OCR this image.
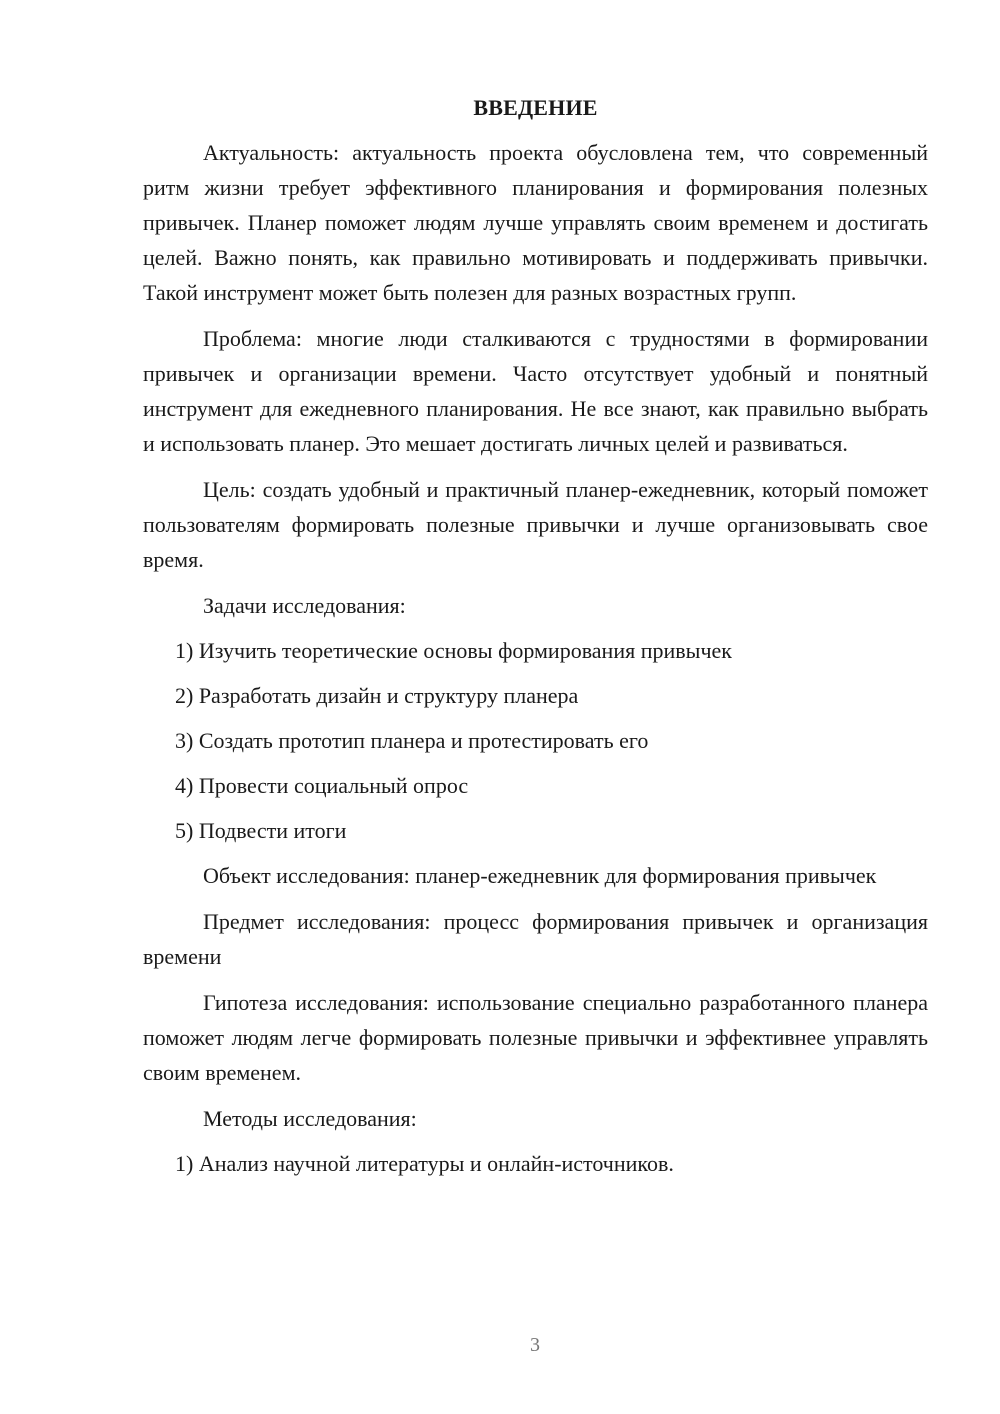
ВВЕДЕНИЕ
Актуальность: актуальность проекта обусловлена тем, что современный ритм жизни требует эффективного планирования и формирования полезных привычек. Планер поможет людям лучше управлять своим временем и достигать целей. Важно понять, как правильно мотивировать и поддерживать привычки. Такой инструмент может быть полезен для разных возрастных групп.
Проблема: многие люди сталкиваются с трудностями в формировании привычек и организации времени. Часто отсутствует удобный и понятный инструмент для ежедневного планирования. Не все знают, как правильно выбрать и использовать планер. Это мешает достигать личных целей и развиваться.
Цель: создать удобный и практичный планер-ежедневник, который поможет пользователям формировать полезные привычки и лучше организовывать свое время.
Задачи исследования:
1) Изучить теоретические основы формирования привычек
2) Разработать дизайн и структуру планера
3) Создать прототип планера и протестировать его
4) Провести социальный опрос
5) Подвести итоги
Объект исследования: планер-ежедневник для формирования привычек
Предмет исследования: процесс формирования привычек и организация времени
Гипотеза исследования: использование специально разработанного планера поможет людям легче формировать полезные привычки и эффективнее управлять своим временем.
Методы исследования:
1) Анализ научной литературы и онлайн-источников.
3
